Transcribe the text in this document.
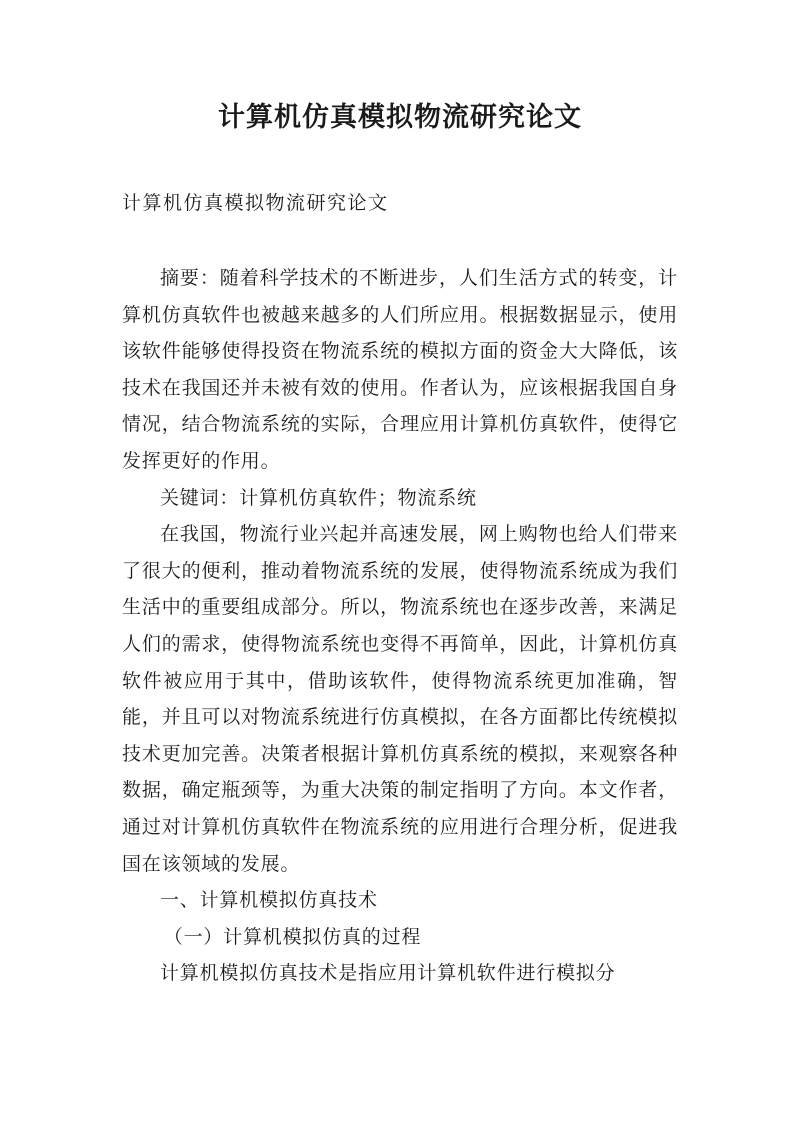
计算机仿真模拟物流研究论文

计算机仿真模拟物流研究论文

摘要：随着科学技术的不断进步，人们生活方式的转变，计算机仿真软件也被越来越多的人们所应用。根据数据显示，使用该软件能够使得投资在物流系统的模拟方面的资金大大降低，该技术在我国还并未被有效的使用。作者认为，应该根据我国自身情况，结合物流系统的实际，合理应用计算机仿真软件，使得它发挥更好的作用。

关键词：计算机仿真软件；物流系统

在我国，物流行业兴起并高速发展，网上购物也给人们带来了很大的便利，推动着物流系统的发展，使得物流系统成为我们生活中的重要组成部分。所以，物流系统也在逐步改善，来满足人们的需求，使得物流系统也变得不再简单，因此，计算机仿真软件被应用于其中，借助该软件，使得物流系统更加准确，智能，并且可以对物流系统进行仿真模拟，在各方面都比传统模拟技术更加完善。决策者根据计算机仿真系统的模拟，来观察各种数据，确定瓶颈等，为重大决策的制定指明了方向。本文作者，通过对计算机仿真软件在物流系统的应用进行合理分析，促进我国在该领域的发展。

一、计算机模拟仿真技术

（一）计算机模拟仿真的过程

计算机模拟仿真技术是指应用计算机软件进行模拟分
